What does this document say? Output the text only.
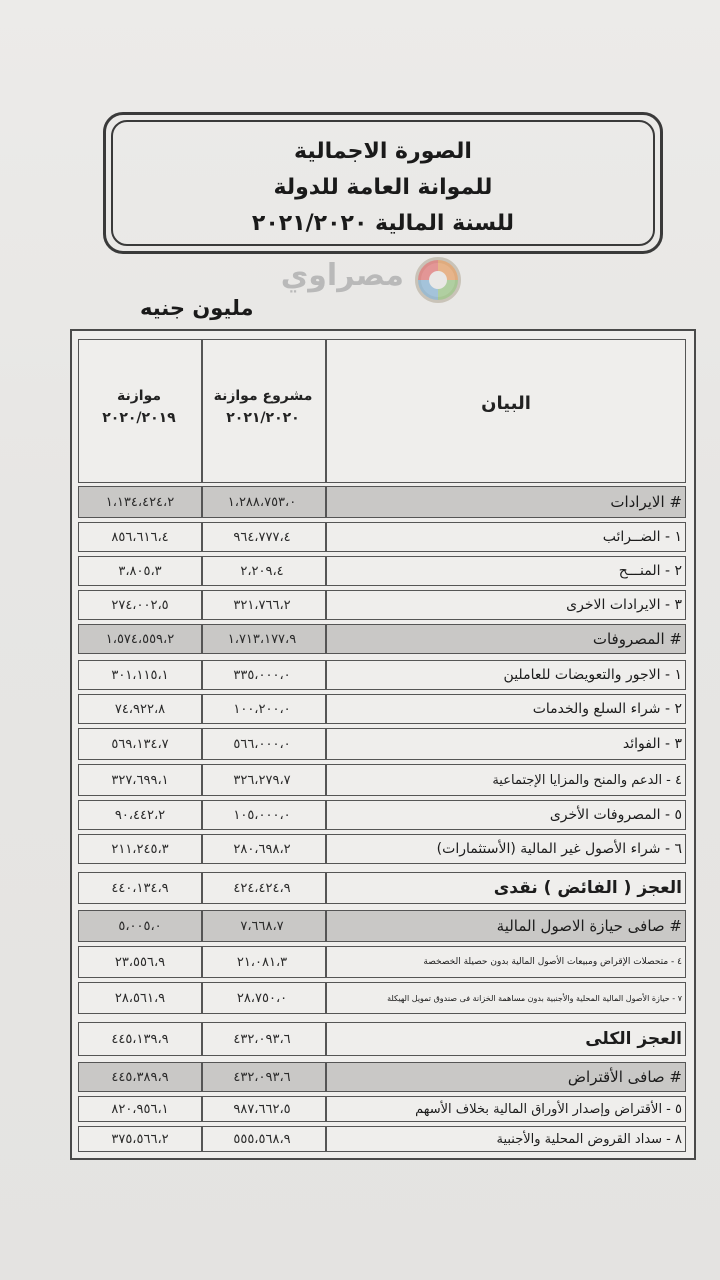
الصورة الاجمالية
للموانة العامة للدولة
للسنة المالية ٢٠٢١/٢٠٢٠
مصراوي
مليون جنيه
البيان
مشروع موازنة
٢٠٢١/٢٠٢٠
موازنة
٢٠٢٠/٢٠١٩
# الايرادات
١،٢٨٨،٧٥٣،٠
١،١٣٤،٤٢٤،٢
١ - الضــرائب
٩٦٤،٧٧٧،٤
٨٥٦،٦١٦،٤
٢ - المنـــح
٢،٢٠٩،٤
٣،٨٠٥،٣
٣ - الايرادات الاخرى
٣٢١،٧٦٦،٢
٢٧٤،٠٠٢،٥
# المصروفات
١،٧١٣،١٧٧،٩
١،٥٧٤،٥٥٩،٢
١ - الاجور والتعويضات للعاملين
٣٣٥،٠٠٠،٠
٣٠١،١١٥،١
٢ - شراء السلع والخدمات
١٠٠،٢٠٠،٠
٧٤،٩٢٢،٨
٣ - الفوائد
٥٦٦،٠٠٠،٠
٥٦٩،١٣٤،٧
٤ - الدعم والمنح والمزايا الإجتماعية
٣٢٦،٢٧٩،٧
٣٢٧،٦٩٩،١
٥ - المصروفات الأخرى
١٠٥،٠٠٠،٠
٩٠،٤٤٢،٢
٦ - شراء الأصول غير المالية (الأستثمارات)
٢٨٠،٦٩٨،٢
٢١١،٢٤٥،٣
العجز ( الفائض ) نقدى
٤٢٤،٤٢٤،٩
٤٤٠،١٣٤،٩
# صافى حيازة الاصول المالية
٧،٦٦٨،٧
٥،٠٠٥،٠
٤ - متحصلات الإقراض ومبيعات الأصول المالية بدون حصيلة الخصخصة
٢١،٠٨١،٣
٢٣،٥٥٦،٩
٧ - حيازة الأصول المالية المحلية والأجنبية بدون مساهمة الخزانة فى صندوق تمويل الهيكلة
٢٨،٧٥٠،٠
٢٨،٥٦١،٩
العجز الكلى
٤٣٢،٠٩٣،٦
٤٤٥،١٣٩،٩
# صافى الأقتراض
٤٣٢،٠٩٣،٦
٤٤٥،٣٨٩،٩
٥ - الأقتراض وإصدار الأوراق المالية بخلاف الأسهم
٩٨٧،٦٦٢،٥
٨٢٠،٩٥٦،١
٨ - سداد القروض المحلية والأجنبية
٥٥٥،٥٦٨،٩
٣٧٥،٥٦٦،٢
